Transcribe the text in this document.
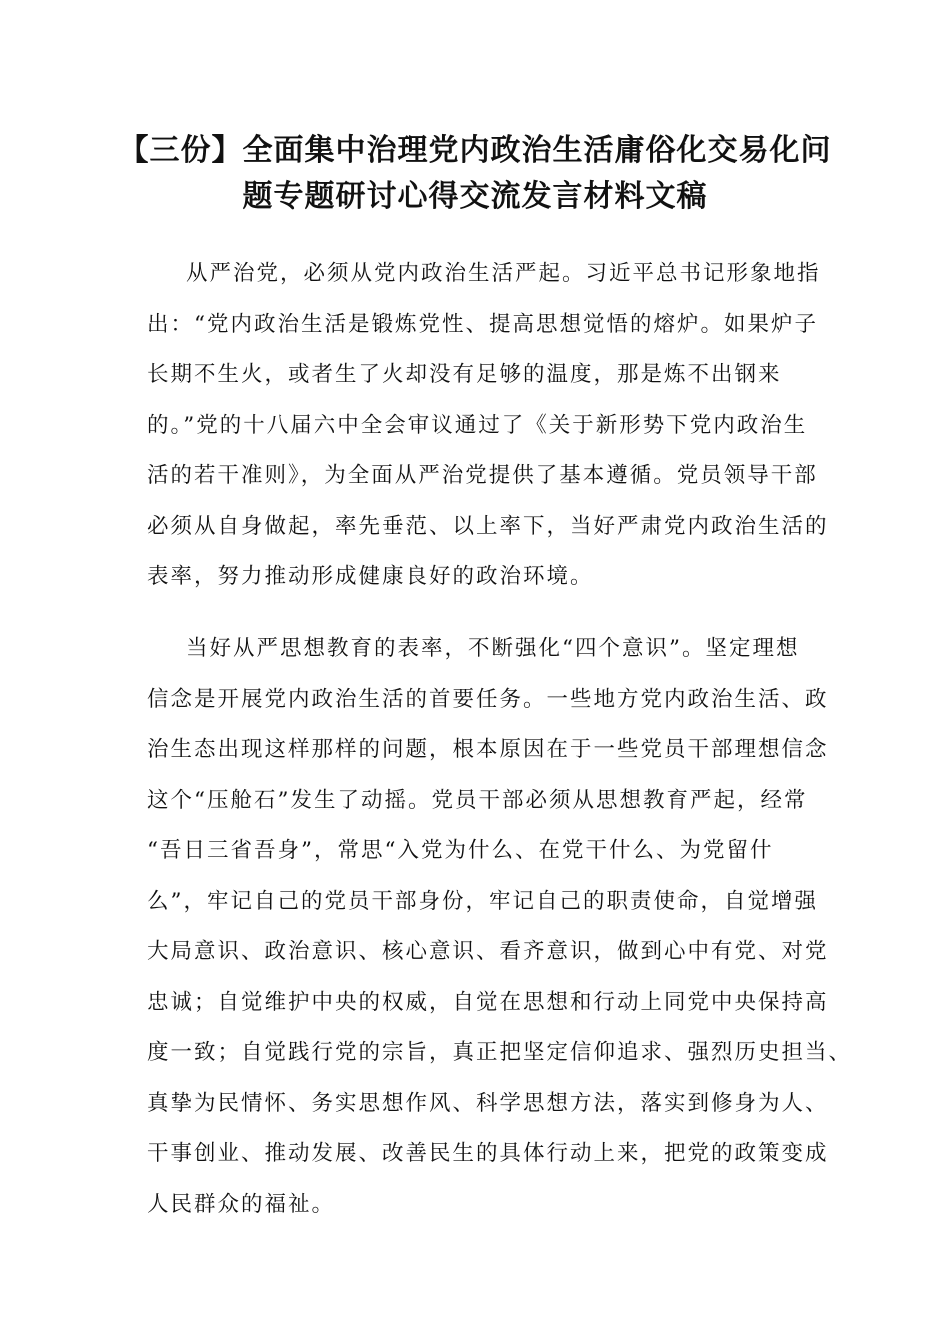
【三份】全面集中治理党内政治生活庸俗化交易化问
题专题研讨心得交流发言材料文稿

从严治党，必须从党内政治生活严起。习近平总书记形象地指
出：“党内政治生活是锻炼党性、提高思想觉悟的熔炉。如果炉子
长期不生火，或者生了火却没有足够的温度，那是炼不出钢来
的。”党的十八届六中全会审议通过了《关于新形势下党内政治生
活的若干准则》，为全面从严治党提供了基本遵循。党员领导干部
必须从自身做起，率先垂范、以上率下，当好严肃党内政治生活的
表率，努力推动形成健康良好的政治环境。

当好从严思想教育的表率，不断强化“四个意识”。坚定理想
信念是开展党内政治生活的首要任务。一些地方党内政治生活、政
治生态出现这样那样的问题，根本原因在于一些党员干部理想信念
这个“压舱石”发生了动摇。党员干部必须从思想教育严起，经常
“吾日三省吾身”，常思“入党为什么、在党干什么、为党留什
么”，牢记自己的党员干部身份，牢记自己的职责使命，自觉增强
大局意识、政治意识、核心意识、看齐意识，做到心中有党、对党
忠诚；自觉维护中央的权威，自觉在思想和行动上同党中央保持高
度一致；自觉践行党的宗旨，真正把坚定信仰追求、强烈历史担当、
真挚为民情怀、务实思想作风、科学思想方法，落实到修身为人、
干事创业、推动发展、改善民生的具体行动上来，把党的政策变成
人民群众的福祉。
